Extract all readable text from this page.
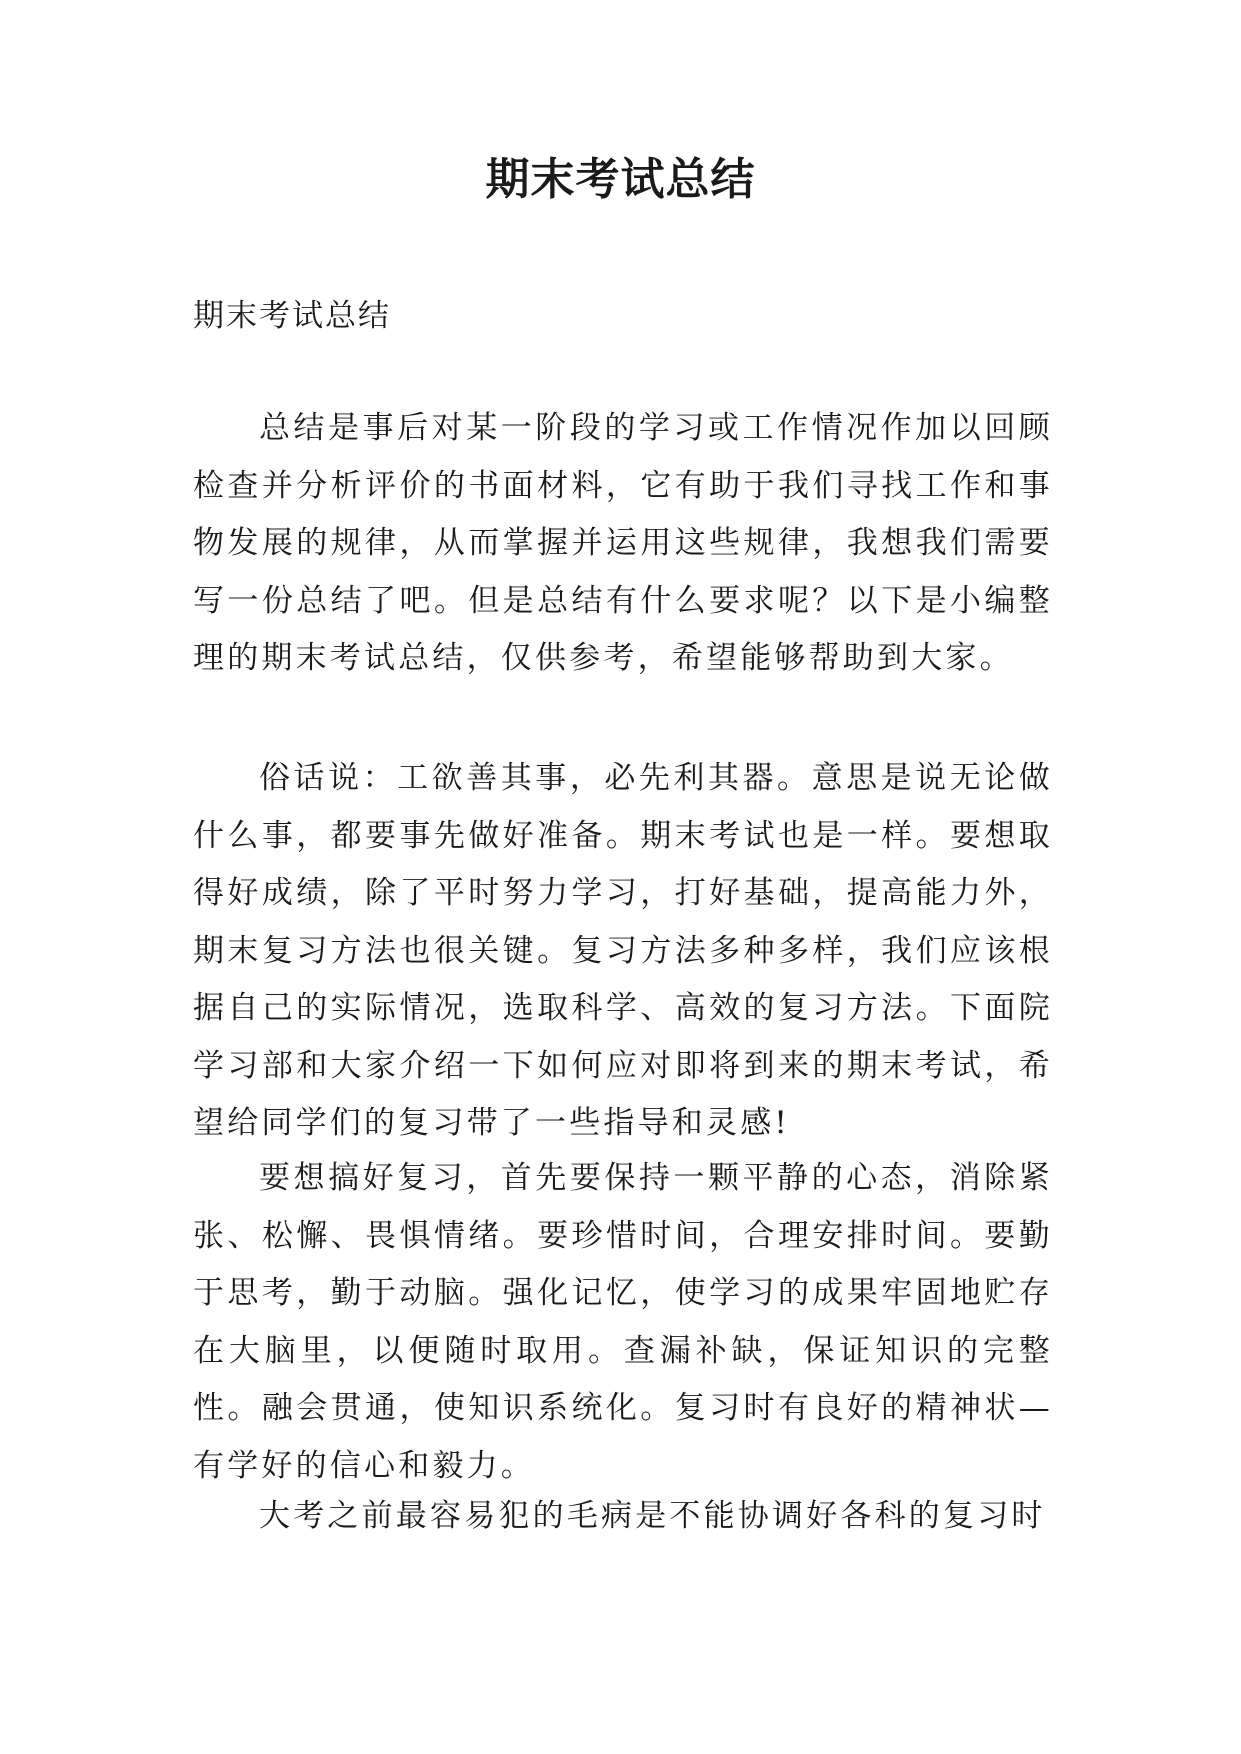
期末考试总结

期末考试总结

总结是事后对某一阶段的学习或工作情况作加以回顾检查并分析评价的书面材料，它有助于我们寻找工作和事物发展的规律，从而掌握并运用这些规律，我想我们需要写一份总结了吧。但是总结有什么要求呢？以下是小编整理的期末考试总结，仅供参考，希望能够帮助到大家。

俗话说：工欲善其事，必先利其器。意思是说无论做什么事，都要事先做好准备。期末考试也是一样。要想取得好成绩，除了平时努力学习，打好基础，提高能力外，期末复习方法也很关键。复习方法多种多样，我们应该根据自己的实际情况，选取科学、高效的复习方法。下面院学习部和大家介绍一下如何应对即将到来的期末考试，希望给同学们的复习带了一些指导和灵感!

要想搞好复习，首先要保持一颗平静的心态，消除紧张、松懈、畏惧情绪。要珍惜时间，合理安排时间。要勤于思考，勤于动脑。强化记忆，使学习的成果牢固地贮存在大脑里，以便随时取用。查漏补缺，保证知识的完整性。融会贯通，使知识系统化。复习时有良好的精神状—有学好的信心和毅力。

大考之前最容易犯的毛病是不能协调好各科的复习时
